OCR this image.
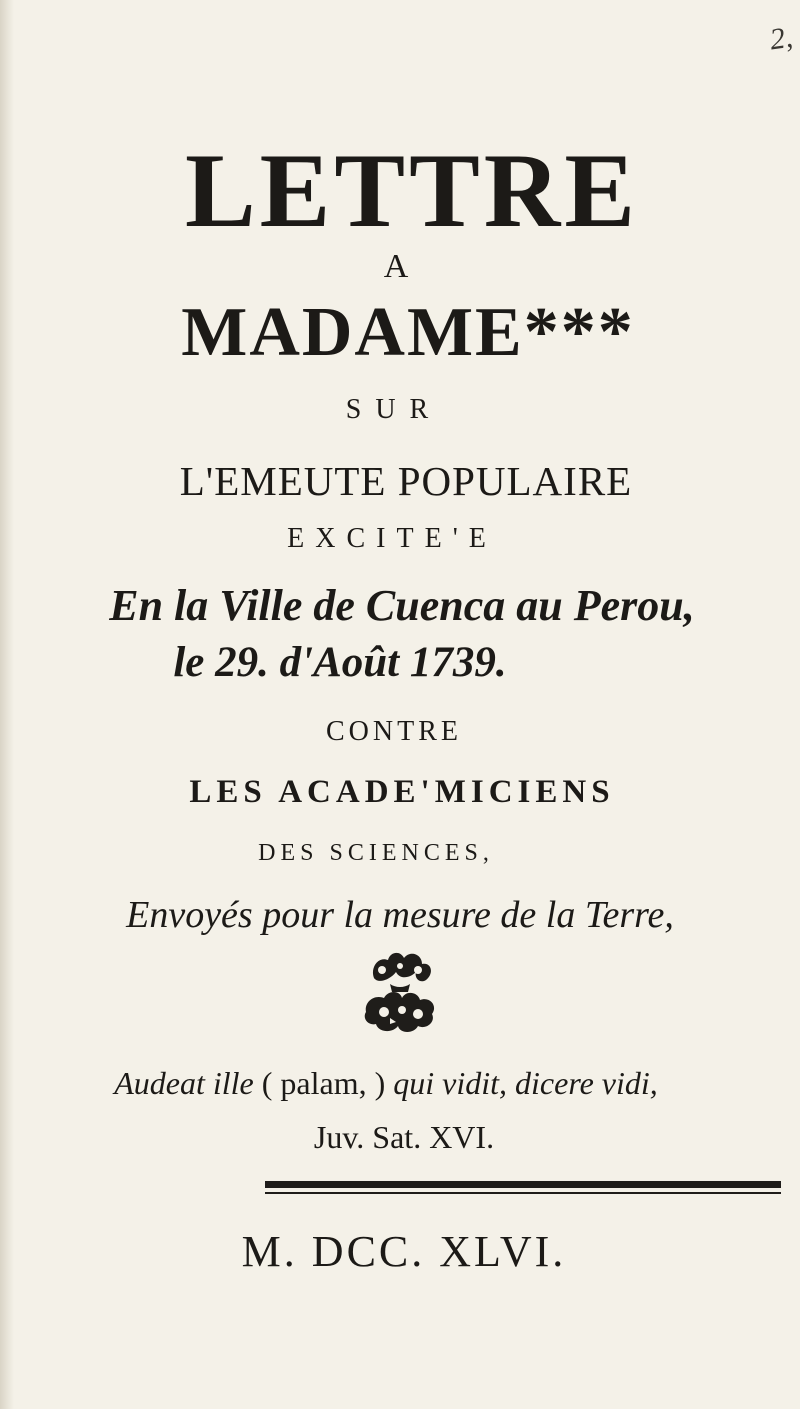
2,
LETTRE
A
MADAME***
SUR
L'EMEUTE POPULAIRE
EXCITE'E
En la Ville de Cuenca au Perou,
le 29. d'Août 1739.
CONTRE
LES ACADE'MICIENS
DES SCIENCES,
Envoyés pour la mesure de la Terre,
Audeat ille ( palam, ) qui vidit, dicere vidi,
Juv. Sat. XVI.
M. DCC. XLVI.
